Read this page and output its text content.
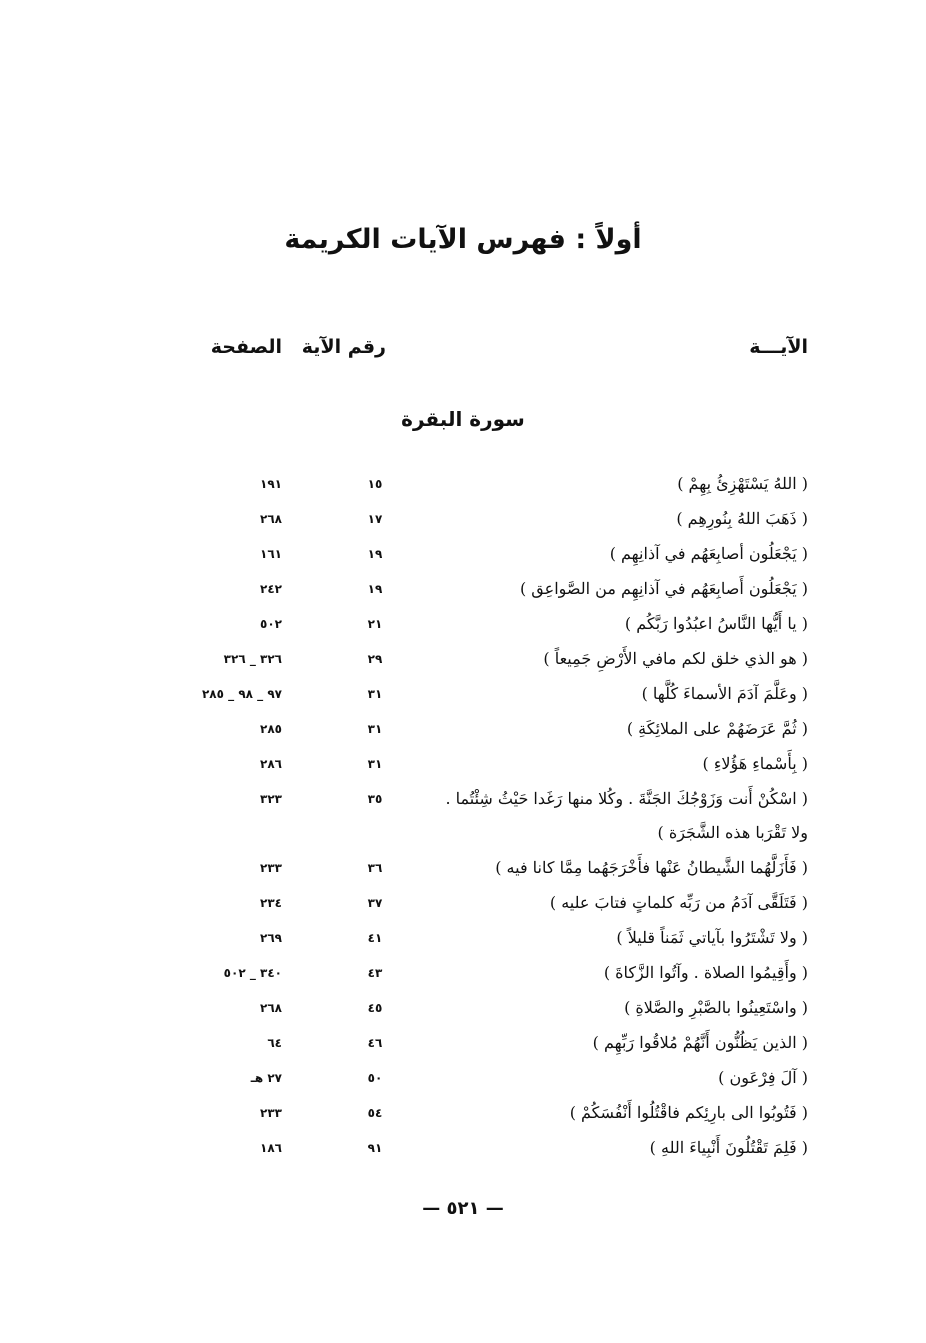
أولاً : فهرس الآيات الكريمة
الآيـــة
رقم الآية
الصفحة
سورة البقرة
( اللهُ يَسْتَهْزِئُ بِهِمْ )
١٥
١٩١
( ذَهَبَ اللهُ بِنُورِهِم )
١٧
٢٦٨
( يَجْعَلُون أصابِعَهُم في آذانِهِم )
١٩
١٦١
( يَجْعَلُون أَصابِعَهُم في آذانِهِم من الصَّواعِق )
١٩
٢٤٢
( يا أَيُّها النَّاسُ اعبُدُوا رَبَّكُم )
٢١
٥٠٢
( هو الذي خلق لكم مافي الأَرْضِ جَمِيعاً )
٢٩
٣٢٦ _ ٣٢٦
( وعَلَّمَ آدَمَ الأسماءَ كُلَّها )
٣١
٩٧ _ ٩٨ _ ٢٨٥
( ثُمَّ عَرَضَهُمْ على الملائِكَةِ )
٣١
٢٨٥
( بِأَسْماءِ هَؤُلاءِ )
٣١
٢٨٦
( اسْكُنْ أَنت وَزَوْجُكَ الجَنَّةَ . وكُلا منها رَغَدا حَيْثُ شِئْتُما . ولا تَقْرَبا هذه الشَّجَرَة )
٣٥
٣٢٣
( فَأَزَلَّهُما الشَّيطانُ عَنْها فأَخْرَجَهُما مِمَّا كانا فيه )
٣٦
٢٣٣
( فَتَلَقَّى آدَمُ من رَبِّه كلماتٍ فتابَ عليه )
٣٧
٢٣٤
( ولا تَشْتَرُوا بآياتي ثَمَناً قليلاً )
٤١
٢٦٩
( وأَقِيمُوا الصلاة . وآتُوا الزَّكاةَ )
٤٣
٣٤٠ _ ٥٠٢
( واسْتَعِينُوا بالصَّبْرِ والصَّلاةِ )
٤٥
٢٦٨
( الذين يَظُنُّون أَنَّهُمْ مُلاقُوا رَبِّهِم )
٤٦
٦٤
( آلَ فِرْعَون )
٥٠
٢٧ هـ
( فَتُوبُوا الى بارِئِكم فاقْتُلُوا أَنْفُسَكُمْ )
٥٤
٢٣٣
( فَلِمَ تَقْتُلُونَ أَنْبِياءَ اللهِ )
٩١
١٨٦
— ٥٢١ —
